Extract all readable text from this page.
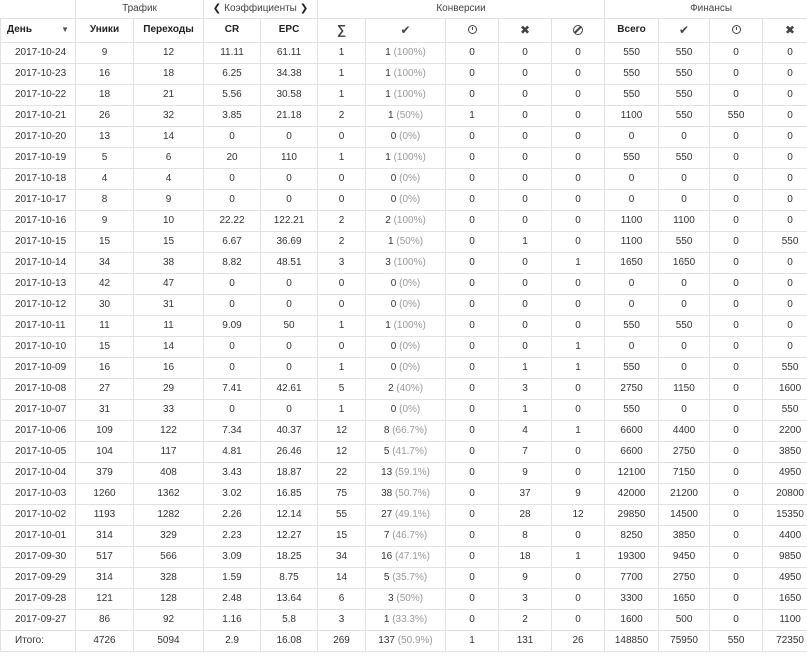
	Трафик		❮ Коэффициенты ❯		Конверсии					Финансы			
День ▼	Уники	Переходы	CR	EPC	∑	✔		✖		Всего	✔		✖
2017-10-24	9	12	11.11	61.11	1	1 (100%)	0	0	0	550	550	0	0
2017-10-23	16	18	6.25	34.38	1	1 (100%)	0	0	0	550	550	0	0
2017-10-22	18	21	5.56	30.58	1	1 (100%)	0	0	0	550	550	0	0
2017-10-21	26	32	3.85	21.18	2	1 (50%)	1	0	0	1100	550	550	0
2017-10-20	13	14	0	0	0	0 (0%)	0	0	0	0	0	0	0
2017-10-19	5	6	20	110	1	1 (100%)	0	0	0	550	550	0	0
2017-10-18	4	4	0	0	0	0 (0%)	0	0	0	0	0	0	0
2017-10-17	8	9	0	0	0	0 (0%)	0	0	0	0	0	0	0
2017-10-16	9	10	22.22	122.21	2	2 (100%)	0	0	0	1100	1100	0	0
2017-10-15	15	15	6.67	36.69	2	1 (50%)	0	1	0	1100	550	0	550
2017-10-14	34	38	8.82	48.51	3	3 (100%)	0	0	1	1650	1650	0	0
2017-10-13	42	47	0	0	0	0 (0%)	0	0	0	0	0	0	0
2017-10-12	30	31	0	0	0	0 (0%)	0	0	0	0	0	0	0
2017-10-11	11	11	9.09	50	1	1 (100%)	0	0	0	550	550	0	0
2017-10-10	15	14	0	0	0	0 (0%)	0	0	1	0	0	0	0
2017-10-09	16	16	0	0	1	0 (0%)	0	1	1	550	0	0	550
2017-10-08	27	29	7.41	42.61	5	2 (40%)	0	3	0	2750	1150	0	1600
2017-10-07	31	33	0	0	1	0 (0%)	0	1	0	550	0	0	550
2017-10-06	109	122	7.34	40.37	12	8 (66.7%)	0	4	1	6600	4400	0	2200
2017-10-05	104	117	4.81	26.46	12	5 (41.7%)	0	7	0	6600	2750	0	3850
2017-10-04	379	408	3.43	18.87	22	13 (59.1%)	0	9	0	12100	7150	0	4950
2017-10-03	1260	1362	3.02	16.85	75	38 (50.7%)	0	37	9	42000	21200	0	20800
2017-10-02	1193	1282	2.26	12.14	55	27 (49.1%)	0	28	12	29850	14500	0	15350
2017-10-01	314	329	2.23	12.27	15	7 (46.7%)	0	8	0	8250	3850	0	4400
2017-09-30	517	566	3.09	18.25	34	16 (47.1%)	0	18	1	19300	9450	0	9850
2017-09-29	314	328	1.59	8.75	14	5 (35.7%)	0	9	0	7700	2750	0	4950
2017-09-28	121	128	2.48	13.64	6	3 (50%)	0	3	0	3300	1650	0	1650
2017-09-27	86	92	1.16	5.8	3	1 (33.3%)	0	2	0	1600	500	0	1100
Итого:	4726	5094	2.9	16.08	269	137 (50.9%)	1	131	26	148850	75950	550	72350
